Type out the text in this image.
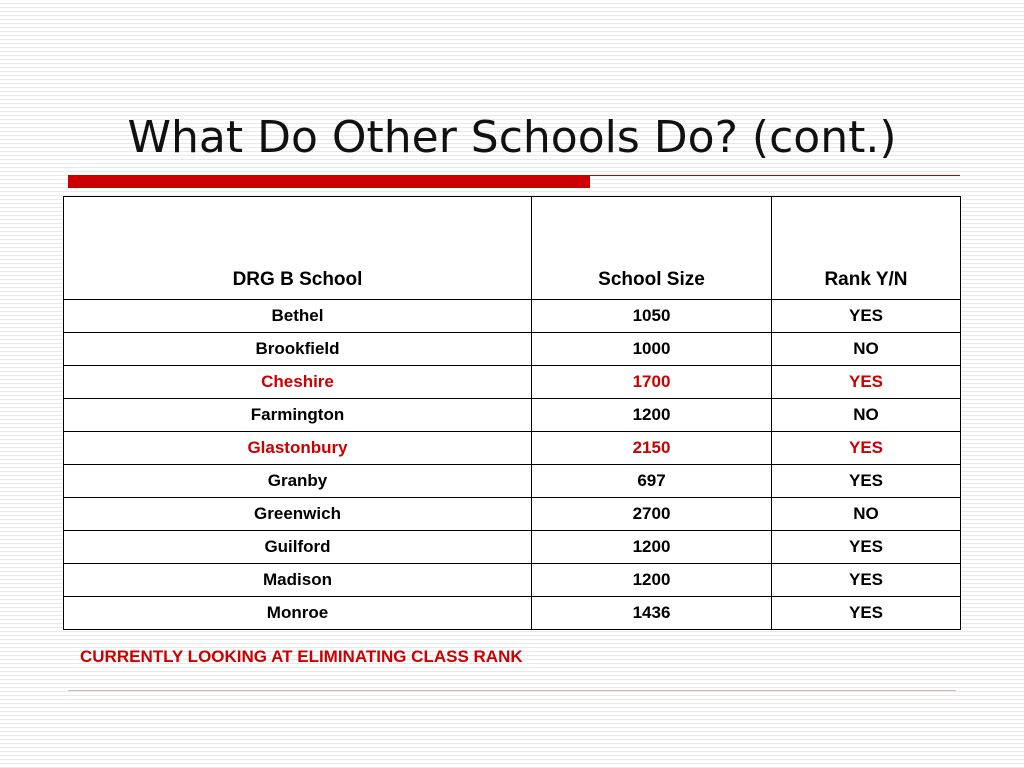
What Do Other Schools Do? (cont.)
DRG B School	School Size	Rank Y/N
Bethel	1050	YES
Brookfield	1000	NO
Cheshire	1700	YES
Farmington	1200	NO
Glastonbury	2150	YES
Granby	697	YES
Greenwich	2700	NO
Guilford	1200	YES
Madison	1200	YES
Monroe	1436	YES
CURRENTLY LOOKING AT ELIMINATING CLASS RANK
